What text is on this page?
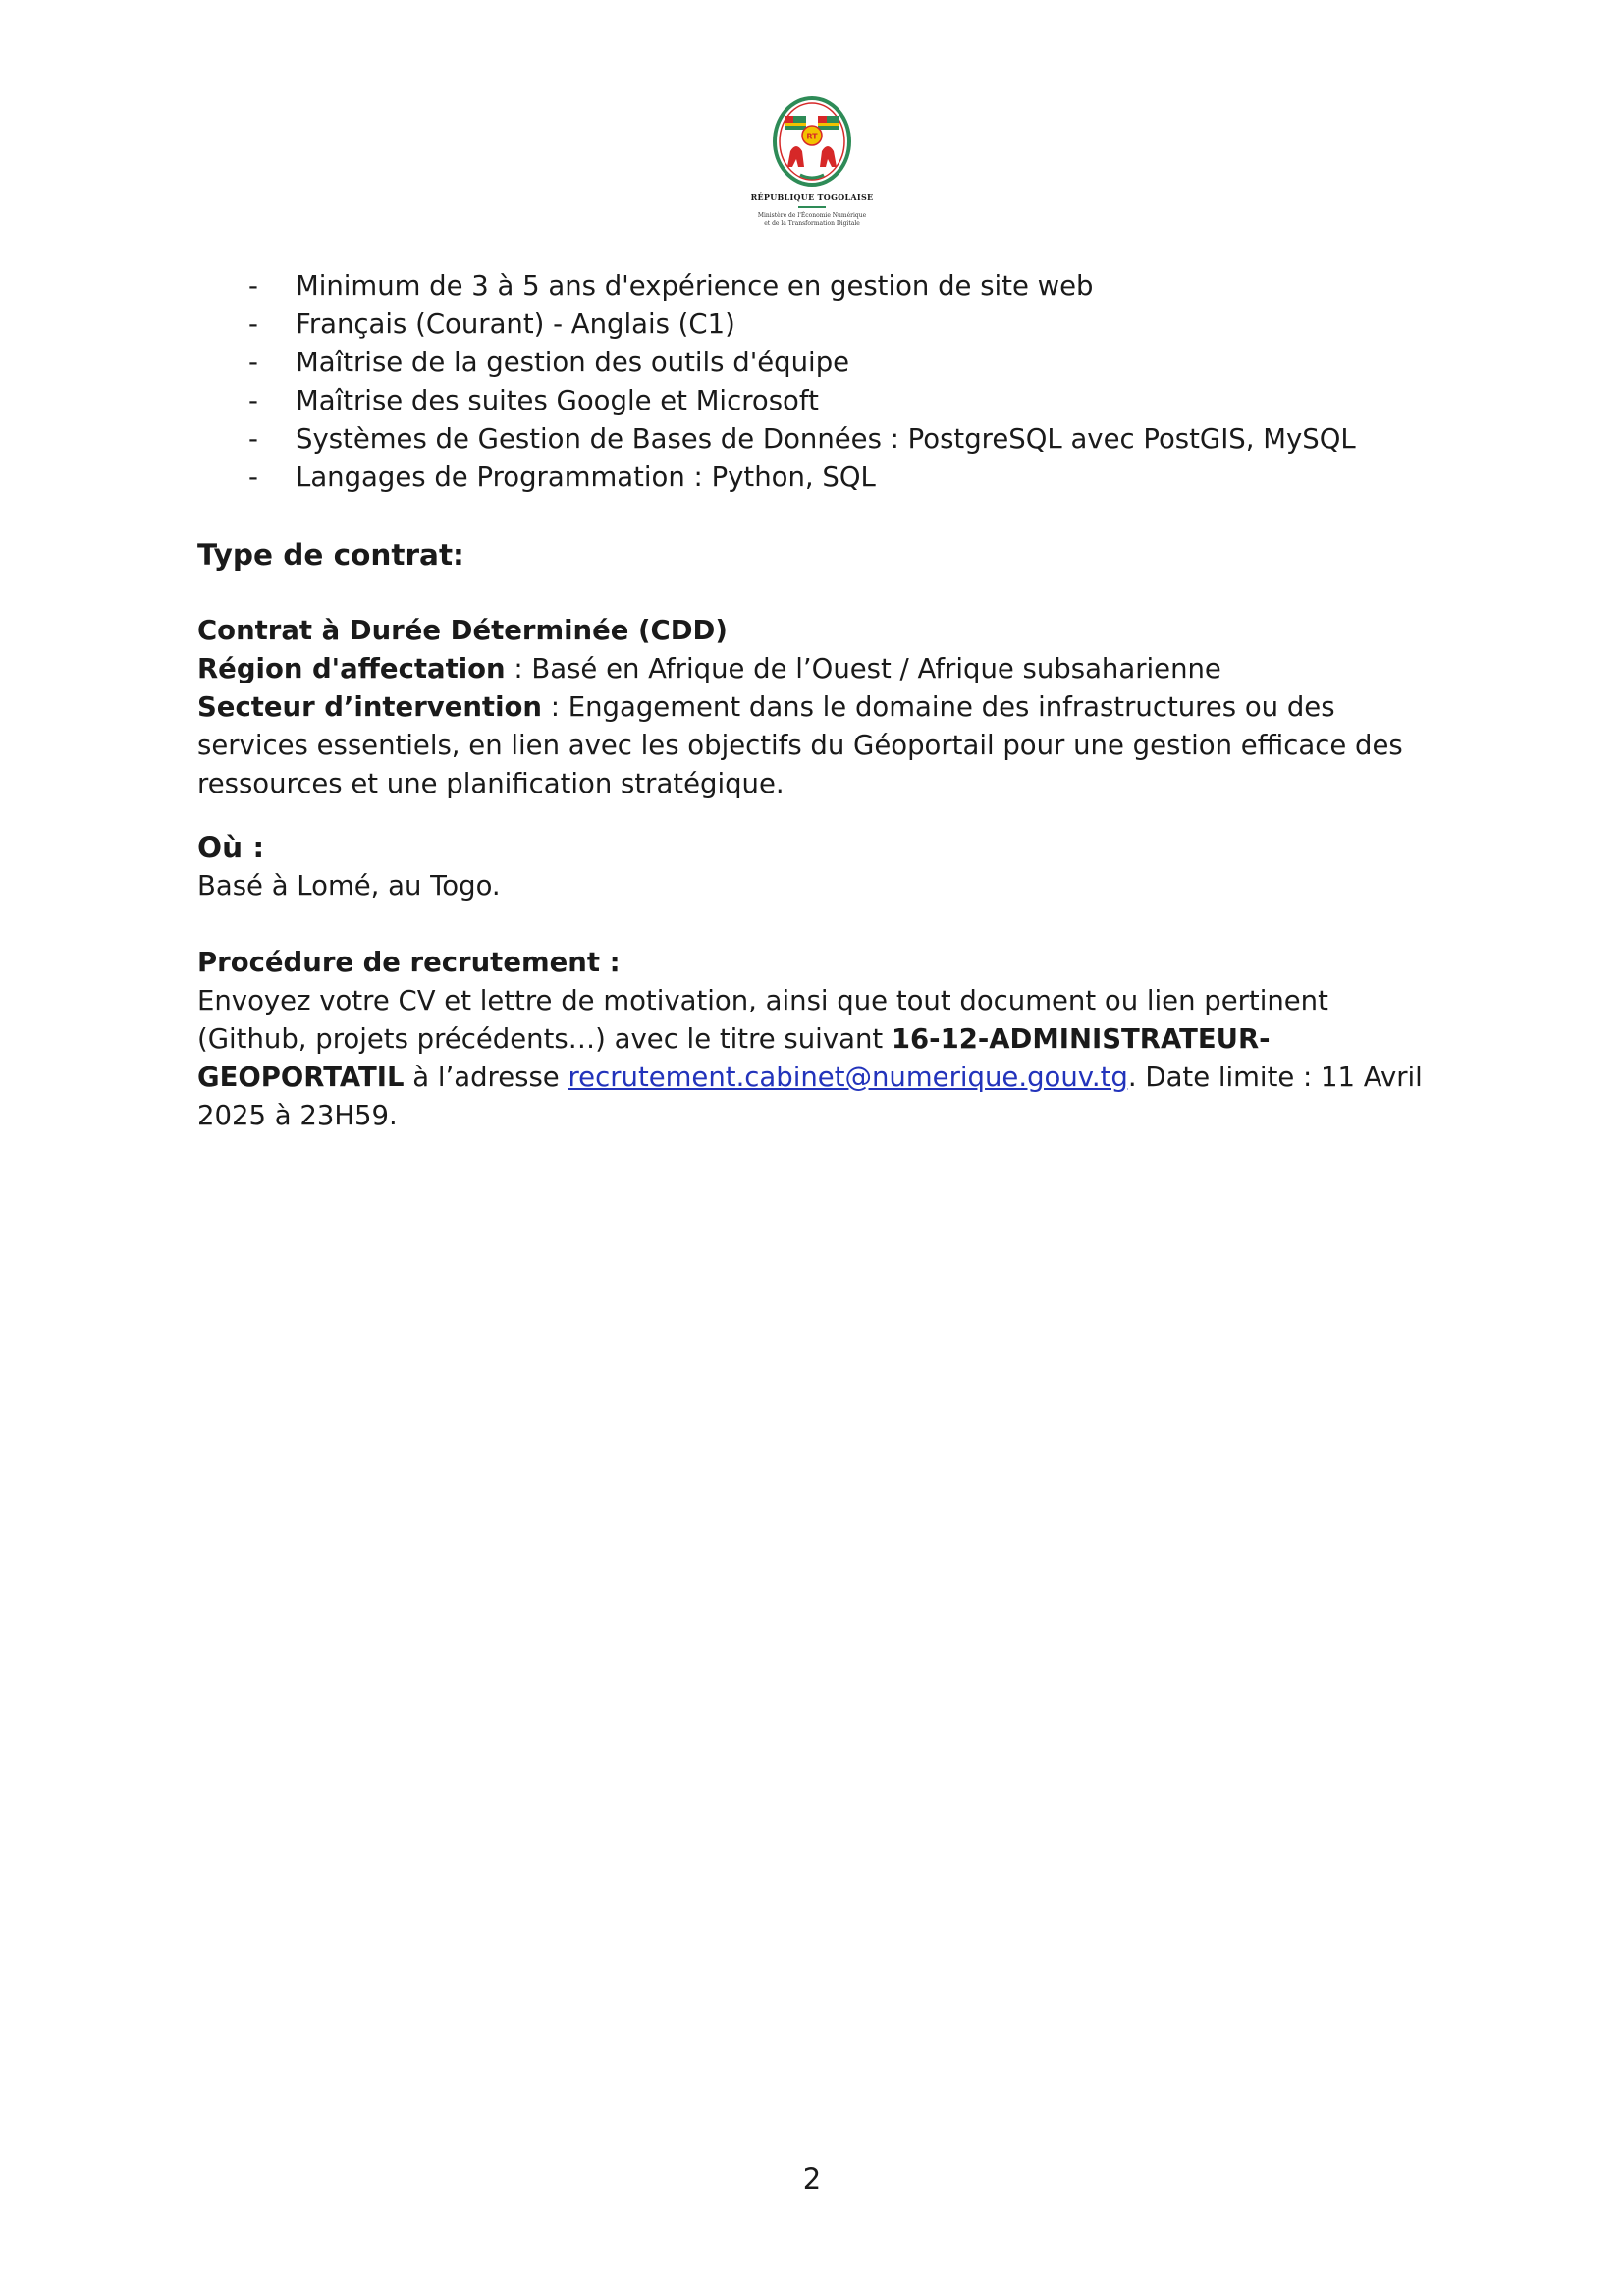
RT
RÉPUBLIQUE TOGOLAISE
Ministère de l'Économie Numérique
et de la Transformation Digitale
- Minimum de 3 à 5 ans d'expérience en gestion de site web
- Français (Courant) - Anglais (C1)
- Maîtrise de la gestion des outils d'équipe
- Maîtrise des suites Google et Microsoft
- Systèmes de Gestion de Bases de Données : PostgreSQL avec PostGIS, MySQL
- Langages de Programmation : Python, SQL
Type de contrat:

Contrat à Durée Déterminée (CDD)

Région d'affectation : Basé en Afrique de l’Ouest / Afrique subsaharienne

Secteur d’intervention : Engagement dans le domaine des infrastructures ou des services essentiels, en lien avec les objectifs du Géoportail pour une gestion efficace des ressources et une planification stratégique.

Où :

Basé à Lomé, au Togo.

Procédure de recrutement :

Envoyez votre CV et lettre de motivation, ainsi que tout document ou lien pertinent (Github, projets précédents…) avec le titre suivant 16-12-ADMINISTRATEUR-GEOPORTATIL à l’adresse recrutement.cabinet@numerique.gouv.tg. Date limite : 11 Avril 2025 à 23H59.

2
